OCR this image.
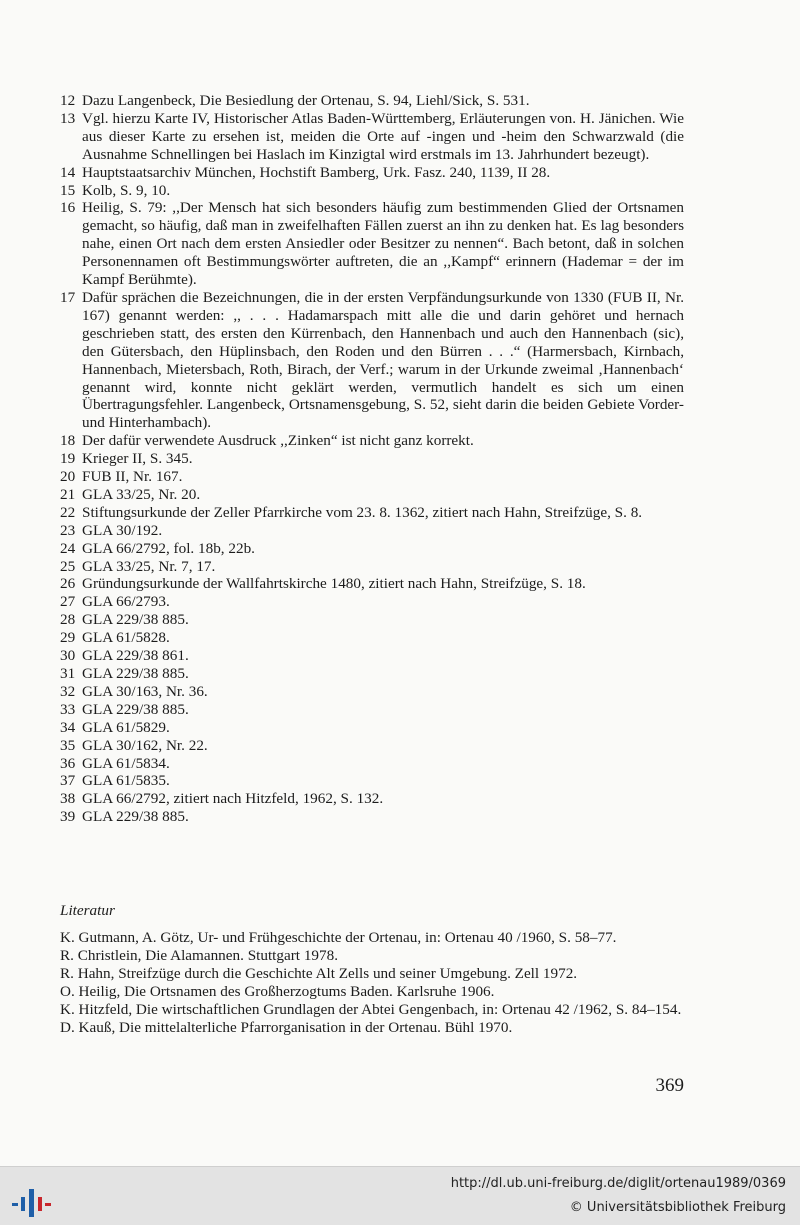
12 Dazu Langenbeck, Die Besiedlung der Ortenau, S. 94, Liehl/Sick, S. 531.
13 Vgl. hierzu Karte IV, Historischer Atlas Baden-Württemberg, Erläuterungen von. H. Jänichen. Wie aus dieser Karte zu ersehen ist, meiden die Orte auf -ingen und -heim den Schwarzwald (die Ausnahme Schnellingen bei Haslach im Kinzigtal wird erstmals im 13. Jahrhundert bezeugt).
14 Hauptstaatsarchiv München, Hochstift Bamberg, Urk. Fasz. 240, 1139, II 28.
15 Kolb, S. 9, 10.
16 Heilig, S. 79: ,,Der Mensch hat sich besonders häufig zum bestimmenden Glied der Ortsnamen gemacht, so häufig, daß man in zweifelhaften Fällen zuerst an ihn zu denken hat. Es lag besonders nahe, einen Ort nach dem ersten Ansiedler oder Besitzer zu nennen“. Bach betont, daß in solchen Personennamen oft Bestimmungswörter auftreten, die an ,,Kampf“ erinnern (Hademar = der im Kampf Berühmte).
17 Dafür sprächen die Bezeichnungen, die in der ersten Verpfändungsurkunde von 1330 (FUB II, Nr. 167) genannt werden: ,, . . . Hadamarspach mitt alle die und darin gehöret und hernach geschrieben statt, des ersten den Kürrenbach, den Hannenbach und auch den Hannenbach (sic), den Gütersbach, den Hüplinsbach, den Roden und den Bürren . . .“ (Harmersbach, Kirnbach, Hannenbach, Mietersbach, Roth, Birach, der Verf.; warum in der Urkunde zweimal ‚Hannenbach‘ genannt wird, konnte nicht geklärt werden, vermutlich handelt es sich um einen Übertragungsfehler. Langenbeck, Ortsnamensgebung, S. 52, sieht darin die beiden Gebiete Vorder- und Hinterhambach).
18 Der dafür verwendete Ausdruck ,,Zinken“ ist nicht ganz korrekt.
19 Krieger II, S. 345.
20 FUB II, Nr. 167.
21 GLA 33/25, Nr. 20.
22 Stiftungsurkunde der Zeller Pfarrkirche vom 23. 8. 1362, zitiert nach Hahn, Streifzüge, S. 8.
23 GLA 30/192.
24 GLA 66/2792, fol. 18b, 22b.
25 GLA 33/25, Nr. 7, 17.
26 Gründungsurkunde der Wallfahrtskirche 1480, zitiert nach Hahn, Streifzüge, S. 18.
27 GLA 66/2793.
28 GLA 229/38 885.
29 GLA 61/5828.
30 GLA 229/38 861.
31 GLA 229/38 885.
32 GLA 30/163, Nr. 36.
33 GLA 229/38 885.
34 GLA 61/5829.
35 GLA 30/162, Nr. 22.
36 GLA 61/5834.
37 GLA 61/5835.
38 GLA 66/2792, zitiert nach Hitzfeld, 1962, S. 132.
39 GLA 229/38 885.
Literatur
K. Gutmann, A. Götz, Ur- und Frühgeschichte der Ortenau, in: Ortenau 40 /1960, S. 58–77.
R. Christlein, Die Alamannen. Stuttgart 1978.
R. Hahn, Streifzüge durch die Geschichte Alt Zells und seiner Umgebung. Zell 1972.
O. Heilig, Die Ortsnamen des Großherzogtums Baden. Karlsruhe 1906.
K. Hitzfeld, Die wirtschaftlichen Grundlagen der Abtei Gengenbach, in: Ortenau 42 /1962, S. 84–154.
D. Kauß, Die mittelalterliche Pfarrorganisation in der Ortenau. Bühl 1970.
369
http://dl.ub.uni-freiburg.de/diglit/ortenau1989/0369
© Universitätsbibliothek Freiburg
